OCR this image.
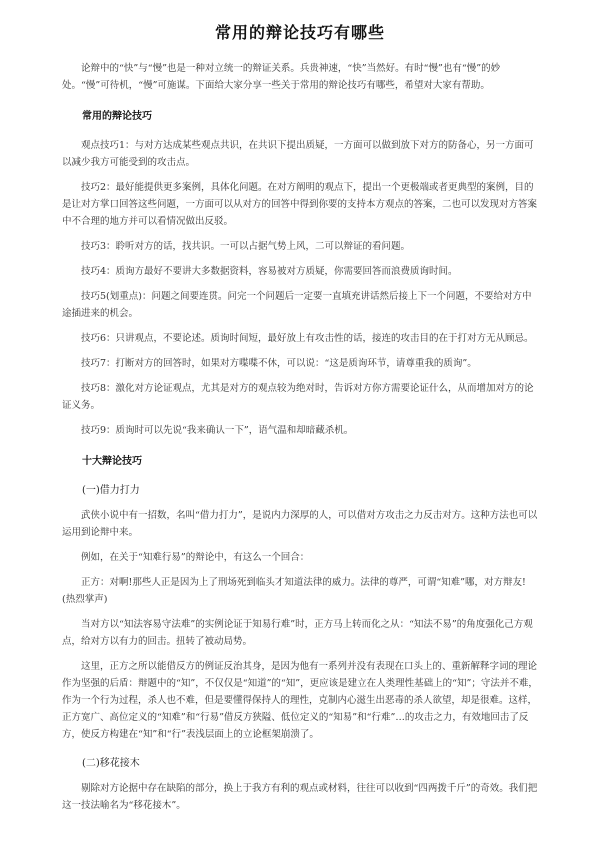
常用的辩论技巧有哪些

论辩中的“快”与“慢”也是一种对立统一的辩证关系。兵贵神速，“快”当然好。有时“慢”也有“慢”的妙处。“慢”可待机，“慢”可施谋。下面给大家分享一些关于常用的辩论技巧有哪些，希望对大家有帮助。

常用的辩论技巧

观点技巧1：与对方达成某些观点共识，在共识下提出质疑，一方面可以做到放下对方的防备心，另一方面可以减少我方可能受到的攻击点。

技巧2：最好能提供更多案例，具体化问题。在对方阐明的观点下，提出一个更极端或者更典型的案例，目的是让对方掌口回答这些问题，一方面可以从对方的回答中得到你要的支持本方观点的答案，二也可以发现对方答案中不合理的地方并可以看情况做出反驳。

技巧3：聆听对方的话，找共识。一可以占据气势上风，二可以辩证的看问题。

技巧4：质询方最好不要讲大多数据资料，容易被对方质疑，你需要回答而浪费质询时间。

技巧5(划重点)：问题之间要连贯。问完一个问题后一定要一直填充讲话然后接上下一个问题，不要给对方中途插进来的机会。

技巧6：只讲观点，不要论述。质询时间短，最好放上有攻击性的话，接连的攻击目的在于打对方无从顾忌。

技巧7：打断对方的回答时，如果对方喋喋不休，可以说：“这是质询环节，请尊重我的质询”。

技巧8：激化对方论证观点，尤其是对方的观点较为绝对时，告诉对方你方需要论证什么，从而增加对方的论证义务。

技巧9：质询时可以先说“我来确认一下”，语气温和却暗藏杀机。

十大辩论技巧

(一)借力打力

武侠小说中有一招数，名叫“借力打力”，是说内力深厚的人，可以借对方攻击之力反击对方。这种方法也可以运用到论辩中来。

例如，在关于“知难行易”的辩论中，有这么一个回合：

正方：对啊!那些人正是因为上了刑场死到临头才知道法律的威力。法律的尊严，可谓“知难”哪，对方辩友!(热烈掌声)

当对方以“知法容易守法难”的实例论证于知易行难”时，正方马上转而化之从：“知法不易”的角度强化己方观点，给对方以有力的回击。扭转了被动局势。

这里，正方之所以能借反方的例证反治其身，是因为他有一系列并没有表现在口头上的、重新解释字词的理论作为坚强的后盾：辩题中的“知”，不仅仅是“知道”的“知”，更应该是建立在人类理性基础上的“知”；守法并不难，作为一个行为过程，杀人也不难，但是要懂得保持人的理性，克制内心滋生出恶毒的杀人欲望，却是很难。这样，正方宽广、高位定义的“知难”和“行易”借反方狭隘、低位定义的“知易”和“行难”…的攻击之力，有效地回击了反方，使反方构建在“知”和“行”表浅层面上的立论框架崩溃了。

(二)移花接木

剔除对方论据中存在缺陷的部分，换上于我方有利的观点或材料，往往可以收到“四两拨千斤”的奇效。我们把这一技法喻名为“移花接木”。
